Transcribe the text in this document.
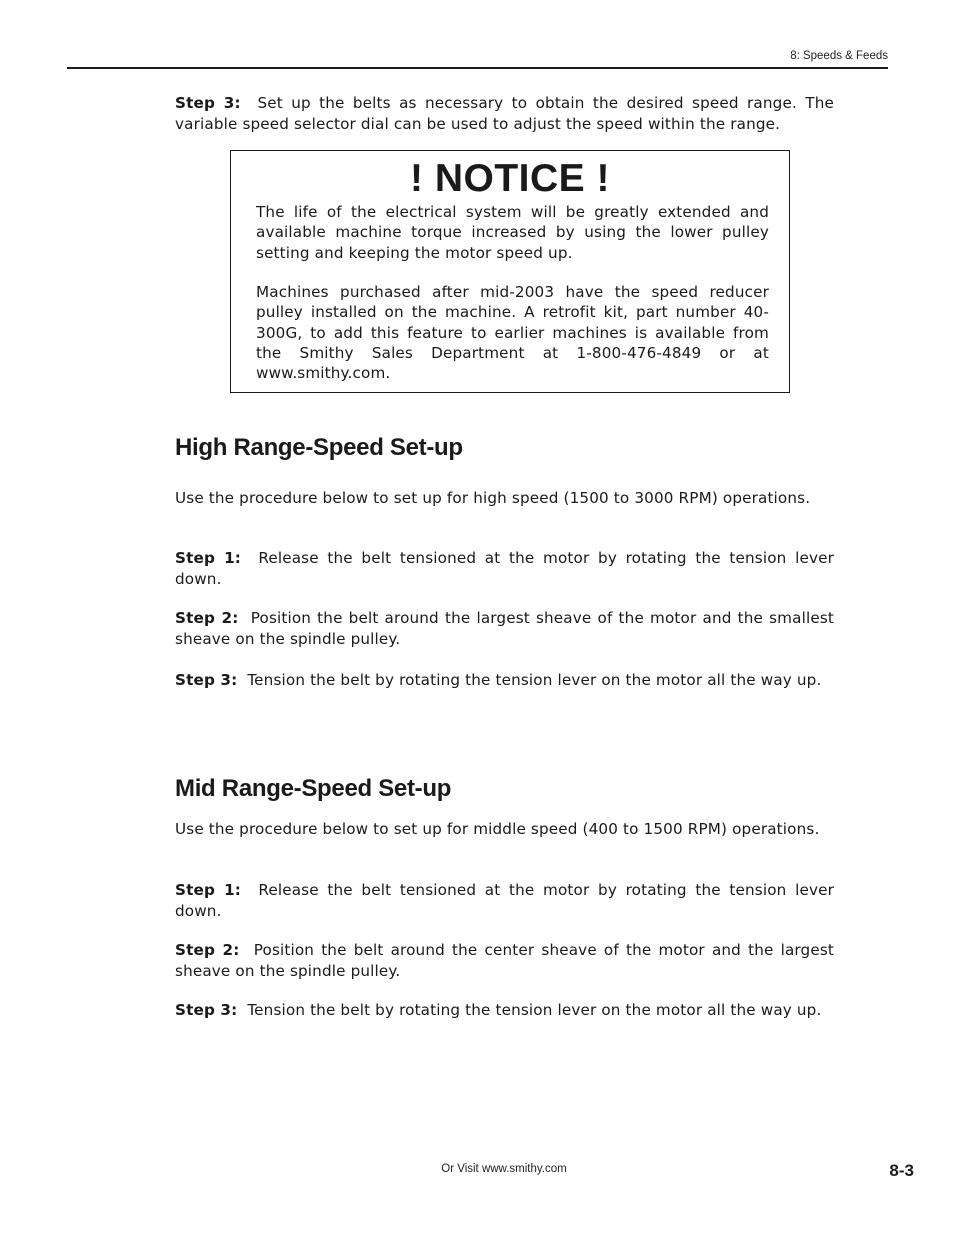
8: Speeds & Feeds

Step 3: Set up the belts as necessary to obtain the desired speed range. The variable speed selector dial can be used to adjust the speed within the range.

! NOTICE !

The life of the electrical system will be greatly extended and available machine torque increased by using the lower pulley setting and keeping the motor speed up.

Machines purchased after mid-2003 have the speed reducer pulley installed on the machine. A retrofit kit, part number 40-300G, to add this feature to earlier machines is available from the Smithy Sales Department at 1-800-476-4849 or at www.smithy.com.

High Range-Speed Set-up

Use the procedure below to set up for high speed (1500 to 3000 RPM) operations.

Step 1: Release the belt tensioned at the motor by rotating the tension lever down.

Step 2: Position the belt around the largest sheave of the motor and the smallest sheave on the spindle pulley.

Step 3: Tension the belt by rotating the tension lever on the motor all the way up.

Mid Range-Speed Set-up

Use the procedure below to set up for middle speed (400 to 1500 RPM) operations.

Step 1: Release the belt tensioned at the motor by rotating the tension lever down.

Step 2: Position the belt around the center sheave of the motor and the largest sheave on the spindle pulley.

Step 3: Tension the belt by rotating the tension lever on the motor all the way up.

Or Visit www.smithy.com	8-3
